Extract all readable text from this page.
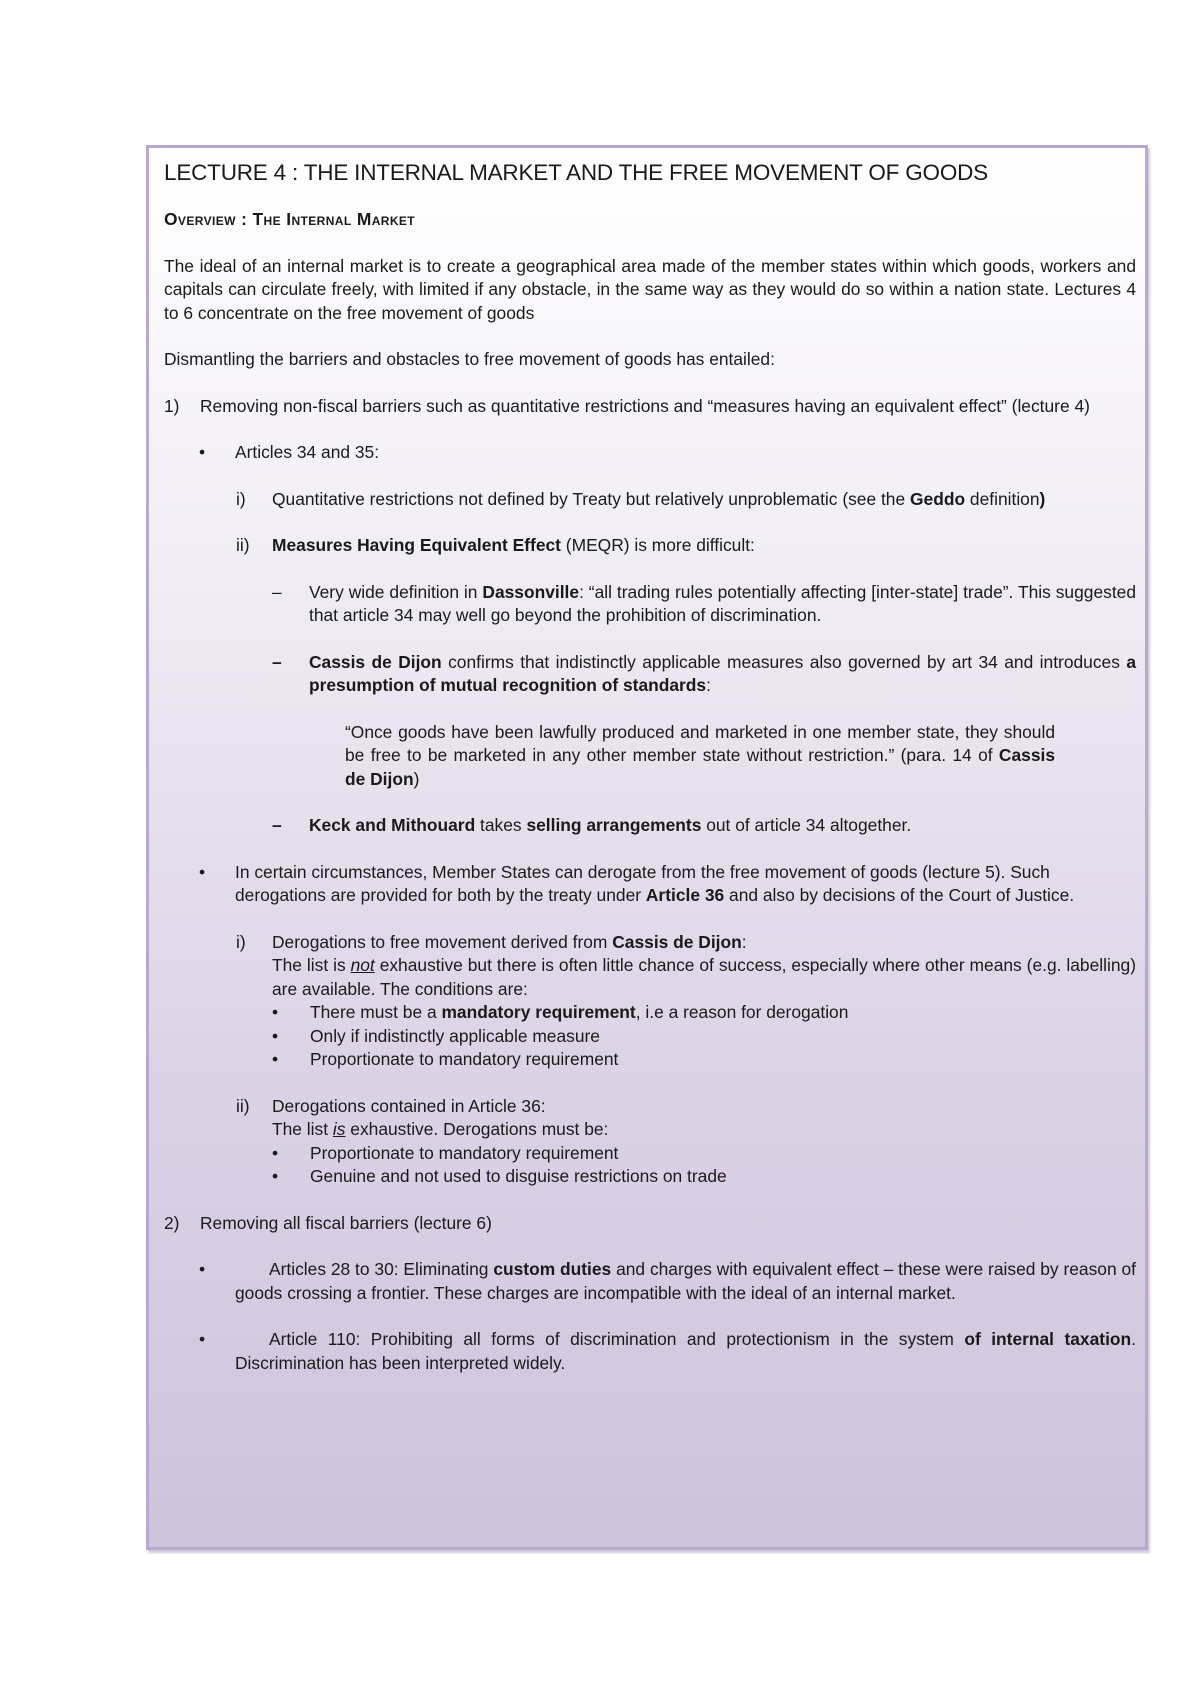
LECTURE 4 : THE INTERNAL MARKET AND THE FREE MOVEMENT OF GOODS

Overview : The Internal Market

The ideal of an internal market is to create a geographical area made of the member states within which goods, workers and capitals can circulate freely, with limited if any obstacle, in the same way as they would do so within a nation state. Lectures 4 to 6 concentrate on the free movement of goods

Dismantling the barriers and obstacles to free movement of goods has entailed:

1)	Removing non-fiscal barriers such as quantitative restrictions and “measures having an equivalent effect” (lecture 4)
•	Articles 34 and 35:
i)	Quantitative restrictions not defined by Treaty but relatively unproblematic (see the Geddo definition)
ii)	Measures Having Equivalent Effect (MEQR) is more difficult:
–	Very wide definition in Dassonville: “all trading rules potentially affecting [inter-state] trade”. This suggested that article 34 may well go beyond the prohibition of discrimination.
–	Cassis de Dijon confirms that indistinctly applicable measures also governed by art 34 and introduces a presumption of mutual recognition of standards:

“Once goods have been lawfully produced and marketed in one member state, they should be free to be marketed in any other member state without restriction.” (para. 14 of Cassis de Dijon)

–	Keck and Mithouard takes selling arrangements out of article 34 altogether.
•	In certain circumstances, Member States can derogate from the free movement of goods (lecture 5). Such derogations are provided for both by the treaty under Article 36 and also by decisions of the Court of Justice.
i)	Derogations to free movement derived from Cassis de Dijon:

The list is not exhaustive but there is often little chance of success, especially where other means (e.g. labelling) are available. The conditions are:

•	There must be a mandatory requirement, i.e a reason for derogation
•	Only if indistinctly applicable measure
•	Proportionate to mandatory requirement
ii)	Derogations contained in Article 36:

The list is exhaustive. Derogations must be:

•	Proportionate to mandatory requirement
•	Genuine and not used to disguise restrictions on trade
2)	Removing all fiscal barriers (lecture 6)
•	Articles 28 to 30: Eliminating custom duties and charges with equivalent effect – these were raised by reason of goods crossing a frontier. These charges are incompatible with the ideal of an internal market.
•	Article 110: Prohibiting all forms of discrimination and protectionism in the system of internal taxation. Discrimination has been interpreted widely.
